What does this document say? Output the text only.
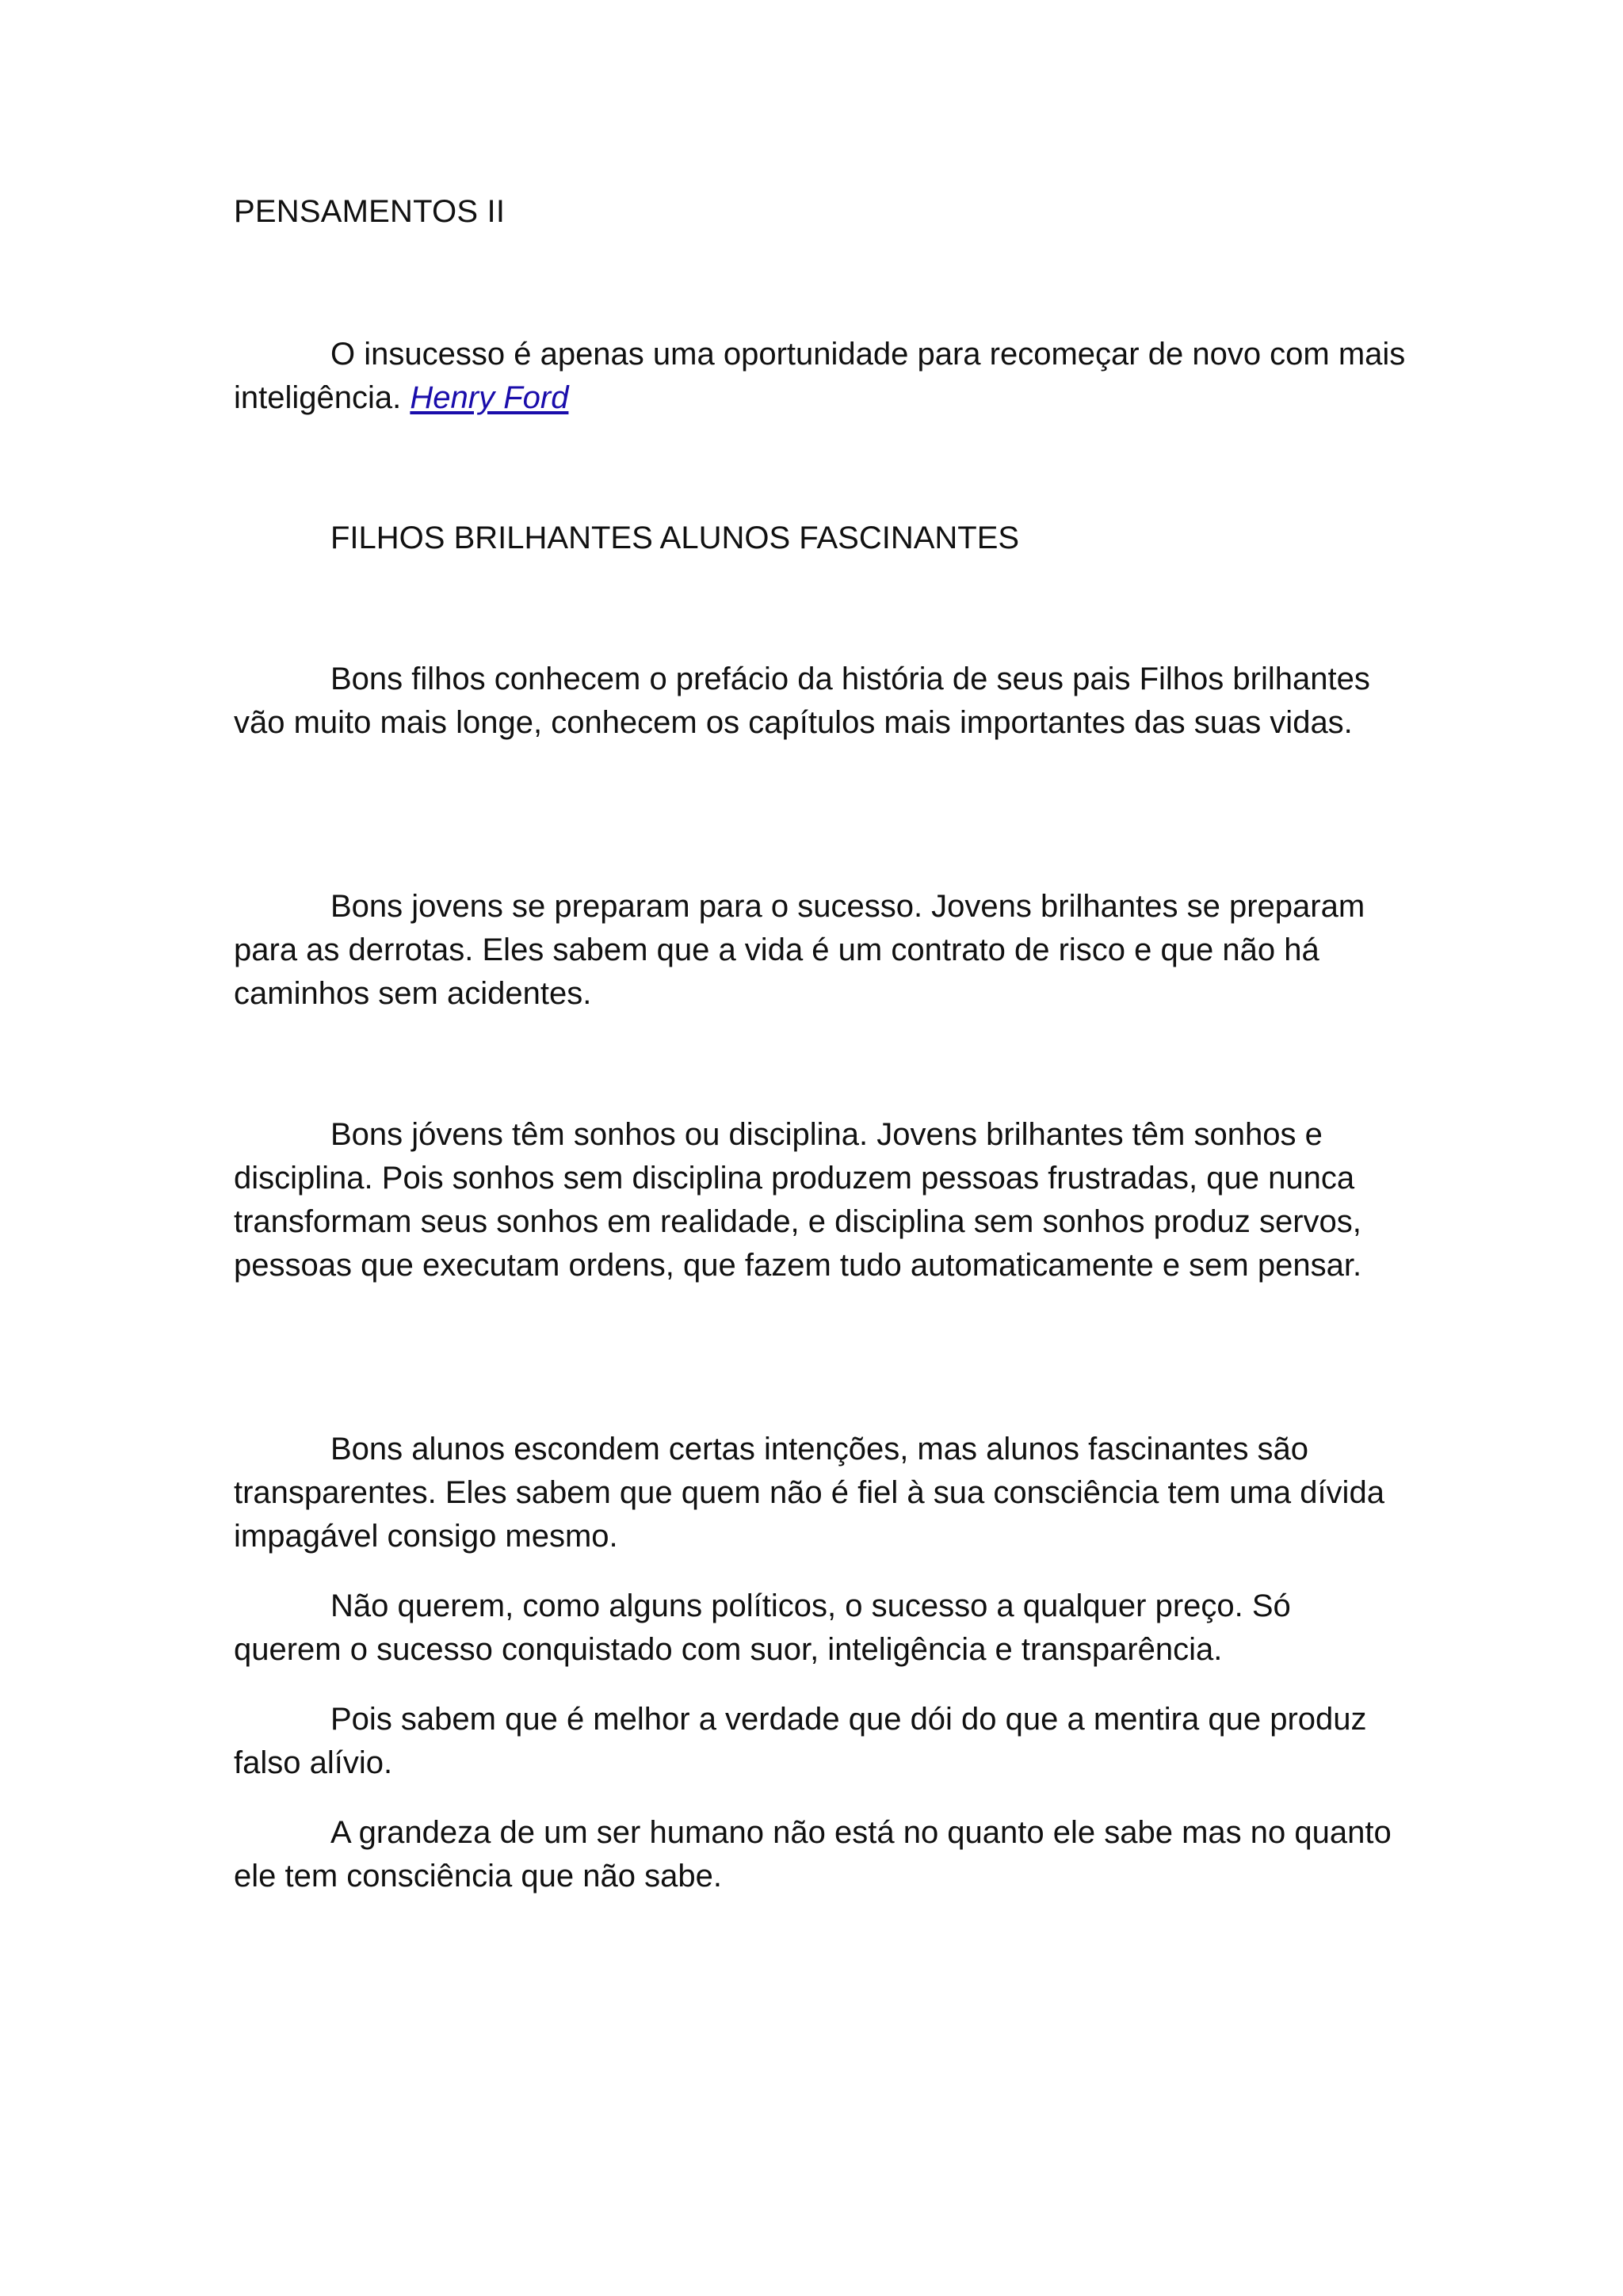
PENSAMENTOS II

O insucesso é apenas uma oportunidade para recomeçar de novo com mais inteligência. Henry Ford

FILHOS BRILHANTES ALUNOS FASCINANTES

Bons filhos conhecem o prefácio da história de seus pais Filhos brilhantes vão muito mais longe, conhecem os capítulos mais importantes das suas vidas.

Bons jovens se preparam para o sucesso. Jovens brilhantes se preparam para as derrotas. Eles sabem que a vida é um contrato de risco e que não há caminhos sem acidentes.

Bons jóvens têm sonhos ou disciplina. Jovens brilhantes têm sonhos e disciplina. Pois sonhos sem disciplina produzem pessoas frustradas, que nunca transformam seus sonhos em realidade, e disciplina sem sonhos produz servos, pessoas que executam ordens, que fazem tudo automaticamente e sem pensar.

Bons alunos escondem certas intenções, mas alunos fascinantes são transparentes. Eles sabem que quem não é fiel à sua consciência tem uma dívida impagável consigo mesmo.

Não querem, como alguns políticos, o sucesso a qualquer preço. Só querem o sucesso conquistado com suor, inteligência e transparência.

Pois sabem que é melhor a verdade que dói do que a mentira que produz falso alívio.

A grandeza de um ser humano não está no quanto ele sabe mas no quanto ele tem consciência que não sabe.
